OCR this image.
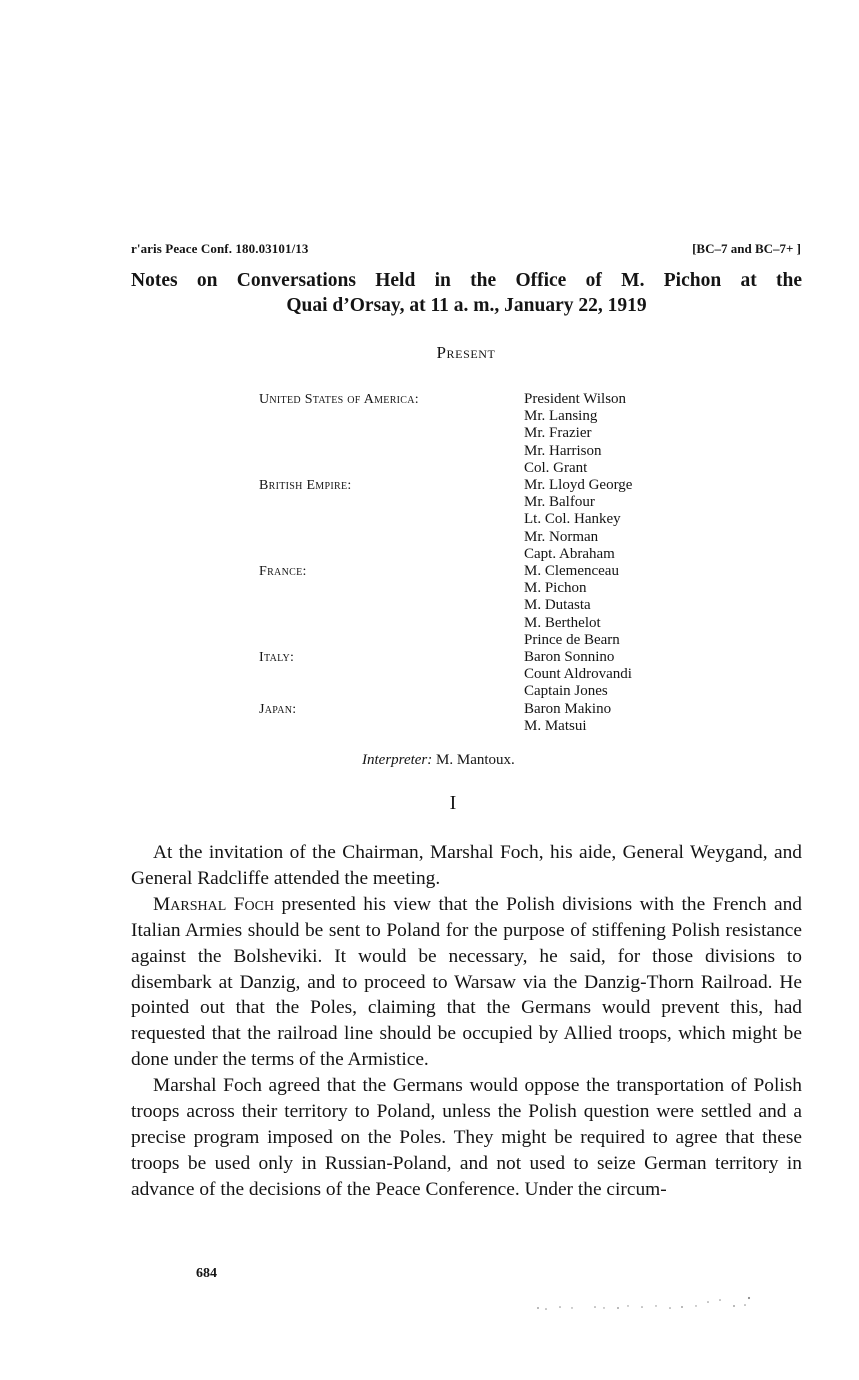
r'aris Peace Conf. 180.03101/13	[BC–7 and BC–7+ ]
Notes on Conversations Held in the Office of M. Pichon at the
Quai d’Orsay, at 11 a. m., January 22, 1919
Present
United States of America:	President Wilson
Mr. Lansing
Mr. Frazier
Mr. Harrison
Col. Grant
British Empire:	Mr. Lloyd George
Mr. Balfour
Lt. Col. Hankey
Mr. Norman
Capt. Abraham
France:	M. Clemenceau
M. Pichon
M. Dutasta
M. Berthelot
Prince de Bearn
Italy:	Baron Sonnino
Count Aldrovandi
Captain Jones
Japan:	Baron Makino
M. Matsui
Interpreter: M. Mantoux.
I

At the invitation of the Chairman, Marshal Foch, his aide, General Weygand, and General Radcliffe attended the meeting.

Marshal Foch presented his view that the Polish divisions with the French and Italian Armies should be sent to Poland for the purpose of stiffening Polish resistance against the Bolsheviki. It would be necessary, he said, for those divisions to disembark at Danzig, and to proceed to Warsaw via the Danzig-Thorn Railroad. He pointed out that the Poles, claiming that the Germans would prevent this, had requested that the railroad line should be occupied by Allied troops, which might be done under the terms of the Armistice.

Marshal Foch agreed that the Germans would oppose the transportation of Polish troops across their territory to Poland, unless the Polish question were settled and a precise program imposed on the Poles. They might be required to agree that these troops be used only in Russian-Poland, and not used to seize German territory in advance of the decisions of the Peace Conference. Under the circum-

684
